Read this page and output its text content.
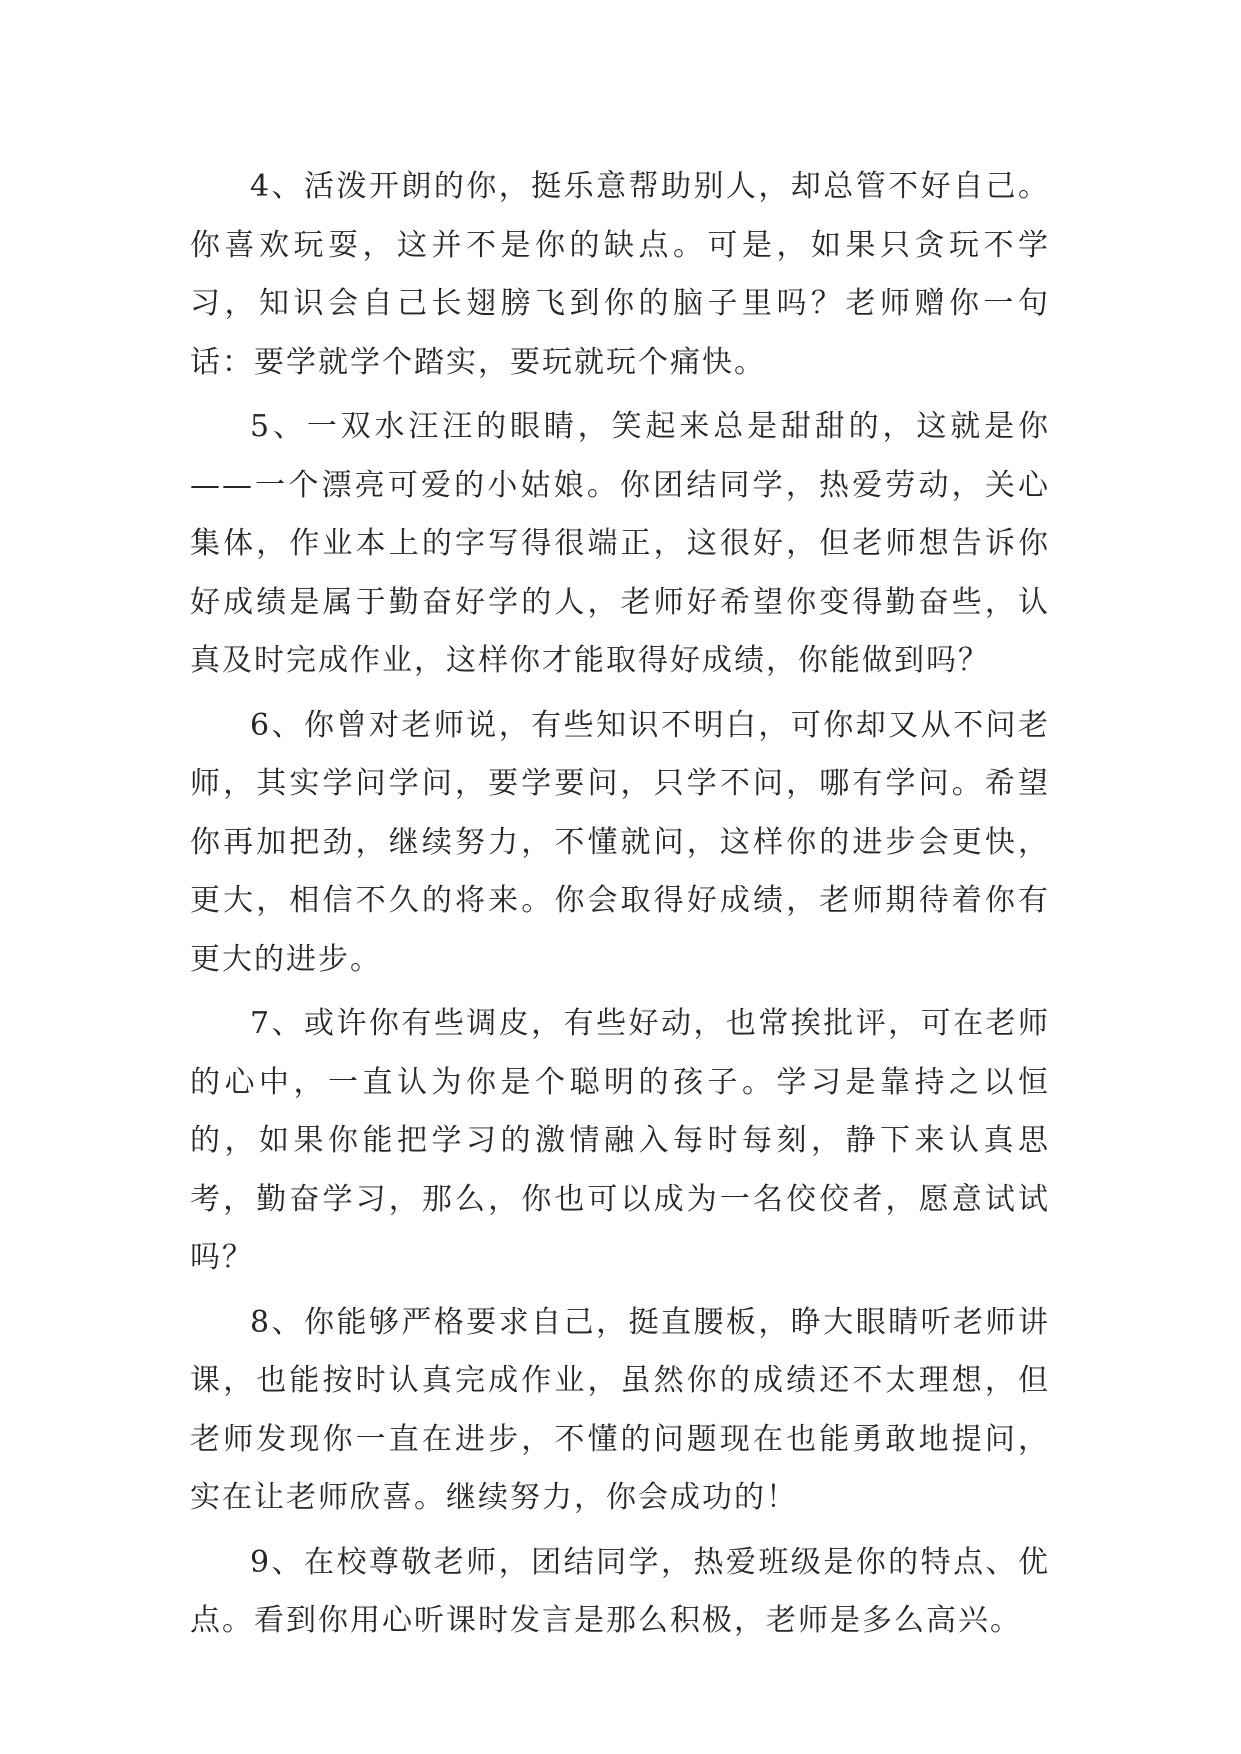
4、活泼开朗的你，挺乐意帮助别人，却总管不好自己。你喜欢玩耍，这并不是你的缺点。可是，如果只贪玩不学习，知识会自己长翅膀飞到你的脑子里吗？老师赠你一句话：要学就学个踏实，要玩就玩个痛快。

5、一双水汪汪的眼睛，笑起来总是甜甜的，这就是你——一个漂亮可爱的小姑娘。你团结同学，热爱劳动，关心集体，作业本上的字写得很端正，这很好，但老师想告诉你好成绩是属于勤奋好学的人，老师好希望你变得勤奋些，认真及时完成作业，这样你才能取得好成绩，你能做到吗？

6、你曾对老师说，有些知识不明白，可你却又从不问老师，其实学问学问，要学要问，只学不问，哪有学问。希望你再加把劲，继续努力，不懂就问，这样你的进步会更快，更大，相信不久的将来。你会取得好成绩，老师期待着你有更大的进步。

7、或许你有些调皮，有些好动，也常挨批评，可在老师的心中，一直认为你是个聪明的孩子。学习是靠持之以恒的，如果你能把学习的激情融入每时每刻，静下来认真思考，勤奋学习，那么，你也可以成为一名佼佼者，愿意试试吗？

8、你能够严格要求自己，挺直腰板，睁大眼睛听老师讲课，也能按时认真完成作业，虽然你的成绩还不太理想，但老师发现你一直在进步，不懂的问题现在也能勇敢地提问，实在让老师欣喜。继续努力，你会成功的！

9、在校尊敬老师，团结同学，热爱班级是你的特点、优点。看到你用心听课时发言是那么积极，老师是多么高兴。
